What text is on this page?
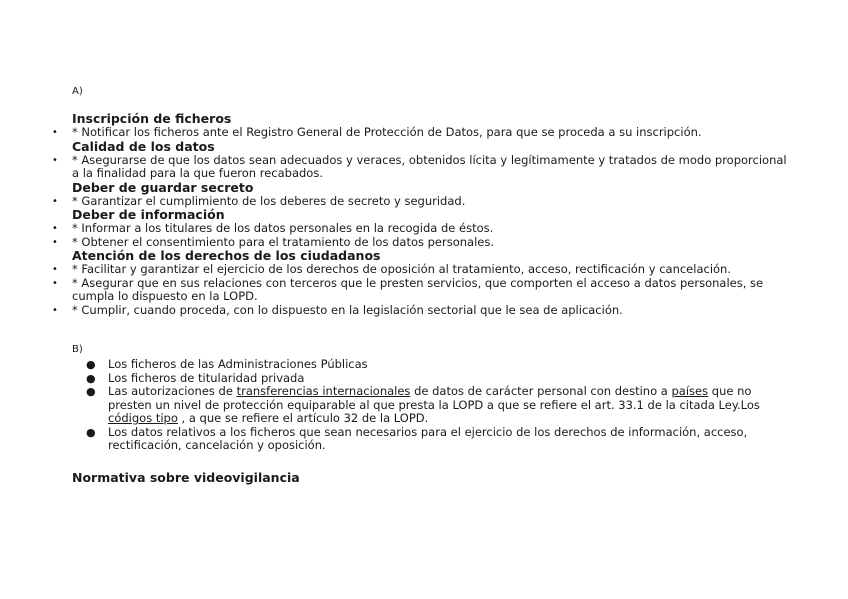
A)
Inscripción de ficheros
•	* Notificar los ficheros ante el Registro General de Protección de Datos, para que se proceda a su inscripción.
Calidad de los datos
•	* Asegurarse de que los datos sean adecuados y veraces, obtenidos lícita y legítimamente y tratados de modo proporcional a la finalidad para la que fueron recabados.
Deber de guardar secreto
•	* Garantizar el cumplimiento de los deberes de secreto y seguridad.
Deber de información
•	* Informar a los titulares de los datos personales en la recogida de éstos.
•	* Obtener el consentimiento para el tratamiento de los datos personales.
Atención de los derechos de los ciudadanos
•	* Facilitar y garantizar el ejercicio de los derechos de oposición al tratamiento, acceso, rectificación y cancelación.
•	* Asegurar que en sus relaciones con terceros que le presten servicios, que comporten el acceso a datos personales, se cumpla lo dispuesto en la LOPD.
•	* Cumplir, cuando proceda, con lo dispuesto en la legislación sectorial que le sea de aplicación.
B)
● Los ficheros de las Administraciones Públicas
● Los ficheros de titularidad privada
● Las autorizaciones de transferencias internacionales de datos de carácter personal con destino a países que no presten un nivel de protección equiparable al que presta la LOPD a que se refiere el art. 33.1 de la citada Ley.Los códigos tipo , a que se refiere el artículo 32 de la LOPD.
● Los datos relativos a los ficheros que sean necesarios para el ejercicio de los derechos de información, acceso, rectificación, cancelación y oposición.
Normativa sobre videovigilancia
